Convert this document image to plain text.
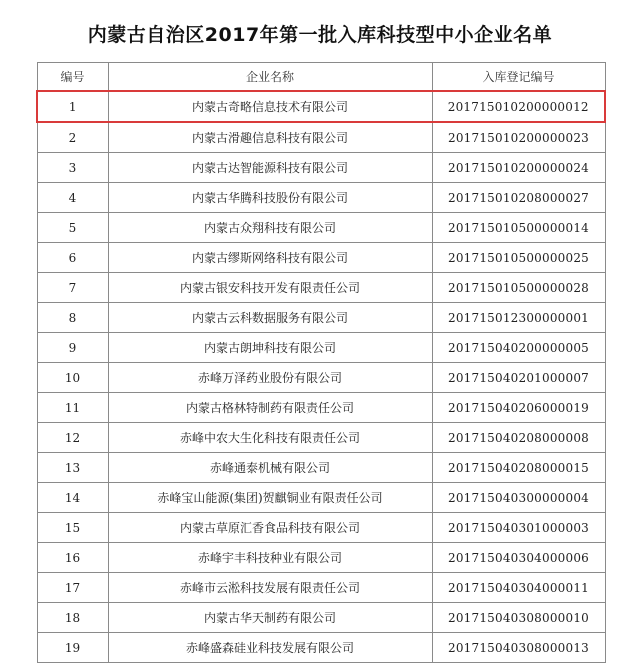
内蒙古自治区2017年第一批入库科技型中小企业名单
编号	企业名称	入库登记编号
1	内蒙古奇略信息技术有限公司	201715010200000012
2	内蒙古滑趣信息科技有限公司	201715010200000023
3	内蒙古达智能源科技有限公司	201715010200000024
4	内蒙古华腾科技股份有限公司	201715010208000027
5	内蒙古众翔科技有限公司	201715010500000014
6	内蒙古缪斯网络科技有限公司	201715010500000025
7	内蒙古银安科技开发有限责任公司	201715010500000028
8	内蒙古云科数据服务有限公司	201715012300000001
9	内蒙古朗坤科技有限公司	201715040200000005
10	赤峰万泽药业股份有限公司	201715040201000007
11	内蒙古格林特制药有限责任公司	201715040206000019
12	赤峰中农大生化科技有限责任公司	201715040208000008
13	赤峰通泰机械有限公司	201715040208000015
14	赤峰宝山能源(集团)贺麒铜业有限责任公司	201715040300000004
15	内蒙古草原汇香食品科技有限公司	201715040301000003
16	赤峰宇丰科技种业有限公司	201715040304000006
17	赤峰市云淞科技发展有限责任公司	201715040304000011
18	内蒙古华天制药有限公司	201715040308000010
19	赤峰盛森硅业科技发展有限公司	201715040308000013
